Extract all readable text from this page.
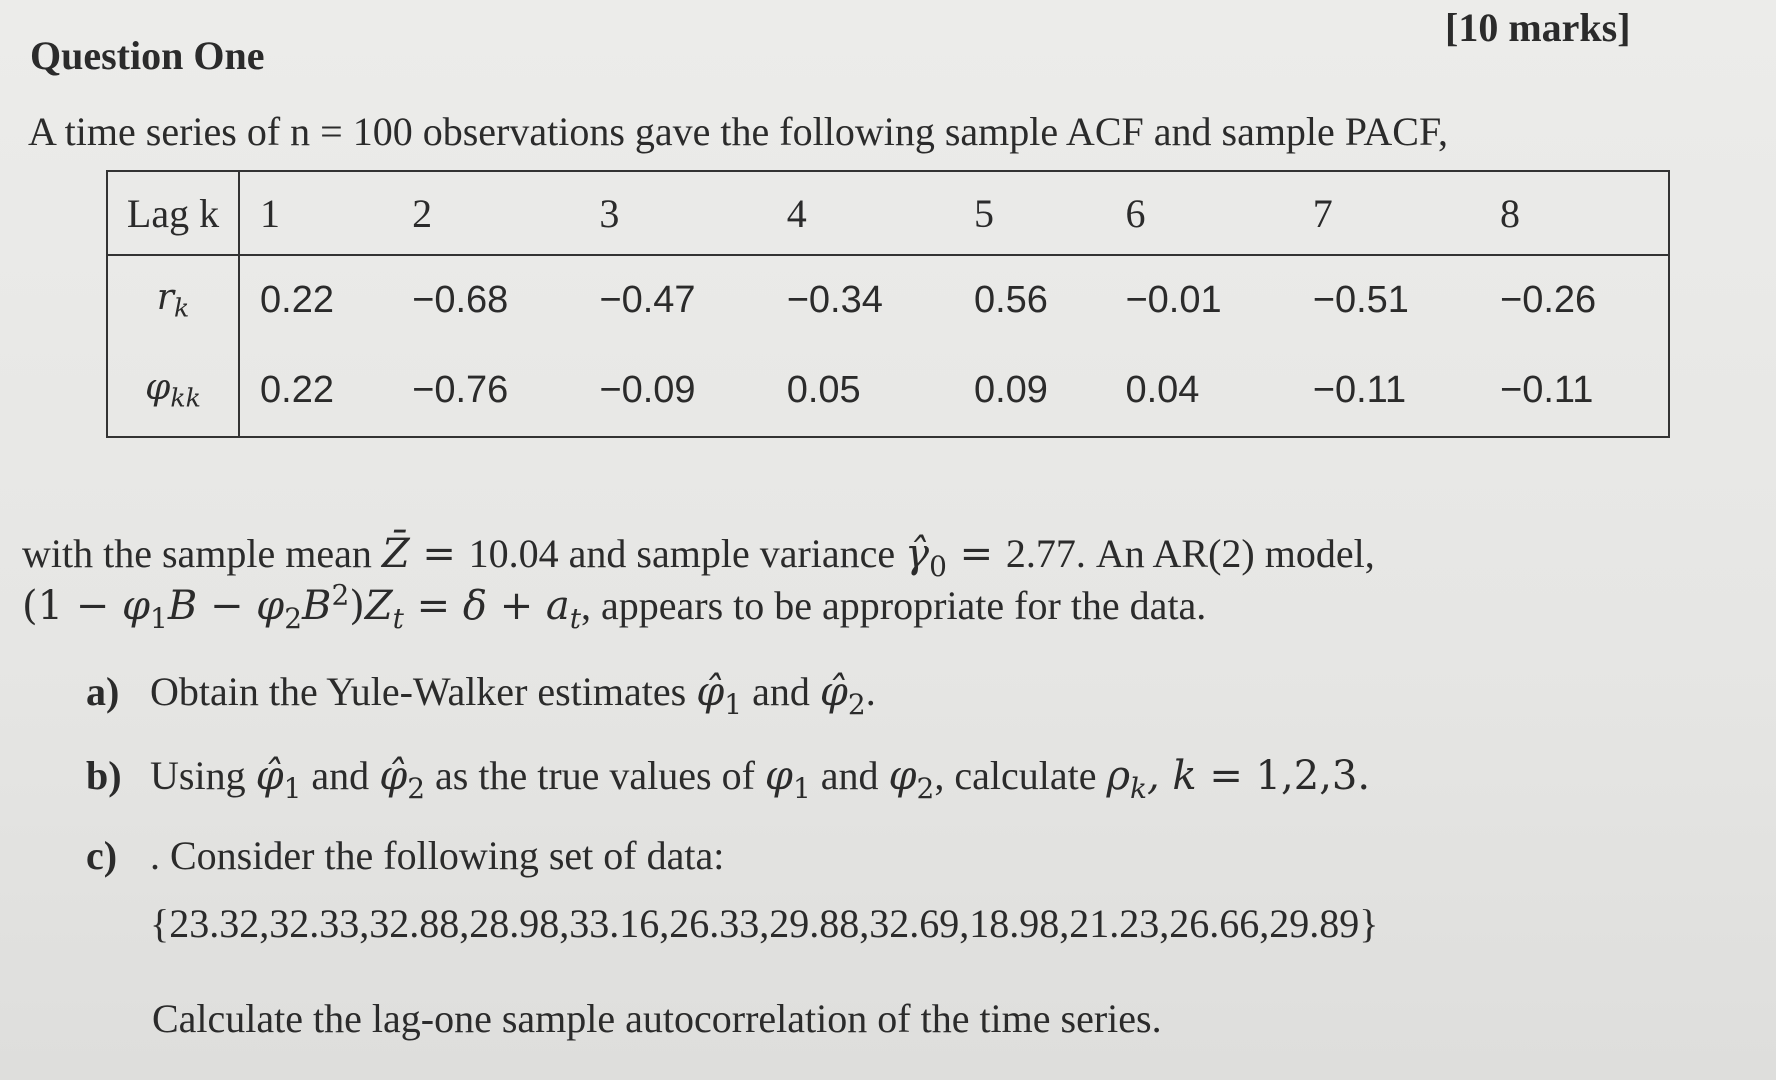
Question One
[10 marks]
A time series of n = 100 observations gave the following sample ACF and sample PACF,
Lag k	1	2	3	4	5	6	7	8
$r_k$	0.22	−0.68	−0.47	−0.34	0.56	−0.01	−0.51	−0.26
$\varphi_{kk}$	0.22	−0.76	−0.09	0.05	0.09	0.04	−0.11	−0.11
with the sample mean Z̄ = 10.04 and sample variance $\gammâ_0 = 2.77$. An AR(2) model,
$(1 - \varphi_1B - \varphi_2B^2)Z_t = \delta + a_t$, appears to be appropriate for the data.
a) Obtain the Yule-Walker estimates $\varphî_1$ and $\varphî_2$.
b) Using $\varphî_1$ and $\varphî_2$ as the true values of $\varphi_1$ and $\varphi_2$, calculate $\rho_k$, k = 1,2,3.
c) . Consider the following set of data:
{23.32,32.33,32.88,28.98,33.16,26.33,29.88,32.69,18.98,21.23,26.66,29.89}
Calculate the lag-one sample autocorrelation of the time series.
